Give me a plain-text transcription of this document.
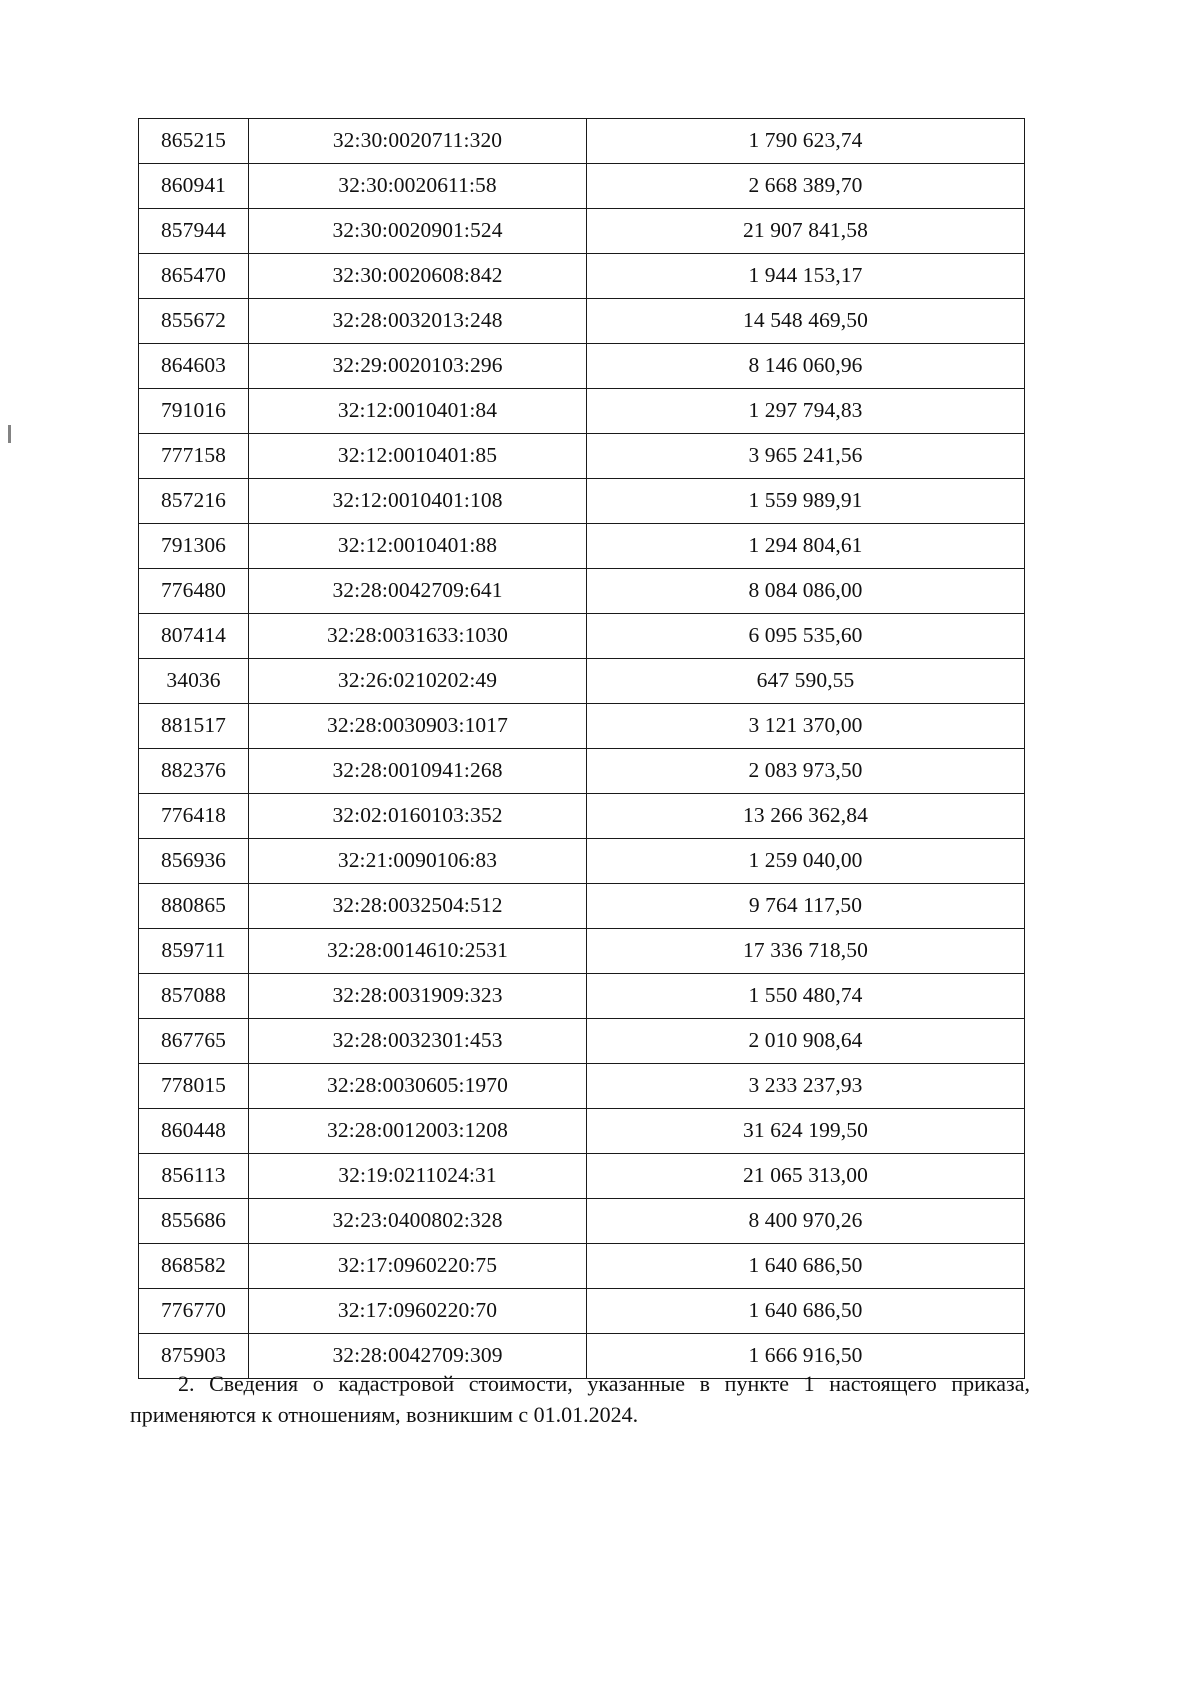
865215	32:30:0020711:320	1 790 623,74
860941	32:30:0020611:58	2 668 389,70
857944	32:30:0020901:524	21 907 841,58
865470	32:30:0020608:842	1 944 153,17
855672	32:28:0032013:248	14 548 469,50
864603	32:29:0020103:296	8 146 060,96
791016	32:12:0010401:84	1 297 794,83
777158	32:12:0010401:85	3 965 241,56
857216	32:12:0010401:108	1 559 989,91
791306	32:12:0010401:88	1 294 804,61
776480	32:28:0042709:641	8 084 086,00
807414	32:28:0031633:1030	6 095 535,60
34036	32:26:0210202:49	647 590,55
881517	32:28:0030903:1017	3 121 370,00
882376	32:28:0010941:268	2 083 973,50
776418	32:02:0160103:352	13 266 362,84
856936	32:21:0090106:83	1 259 040,00
880865	32:28:0032504:512	9 764 117,50
859711	32:28:0014610:2531	17 336 718,50
857088	32:28:0031909:323	1 550 480,74
867765	32:28:0032301:453	2 010 908,64
778015	32:28:0030605:1970	3 233 237,93
860448	32:28:0012003:1208	31 624 199,50
856113	32:19:0211024:31	21 065 313,00
855686	32:23:0400802:328	8 400 970,26
868582	32:17:0960220:75	1 640 686,50
776770	32:17:0960220:70	1 640 686,50
875903	32:28:0042709:309	1 666 916,50
2. Сведения о кадастровой стоимости, указанные в пункте 1 настоящего приказа, применяются к отношениям, возникшим с 01.01.2024.
